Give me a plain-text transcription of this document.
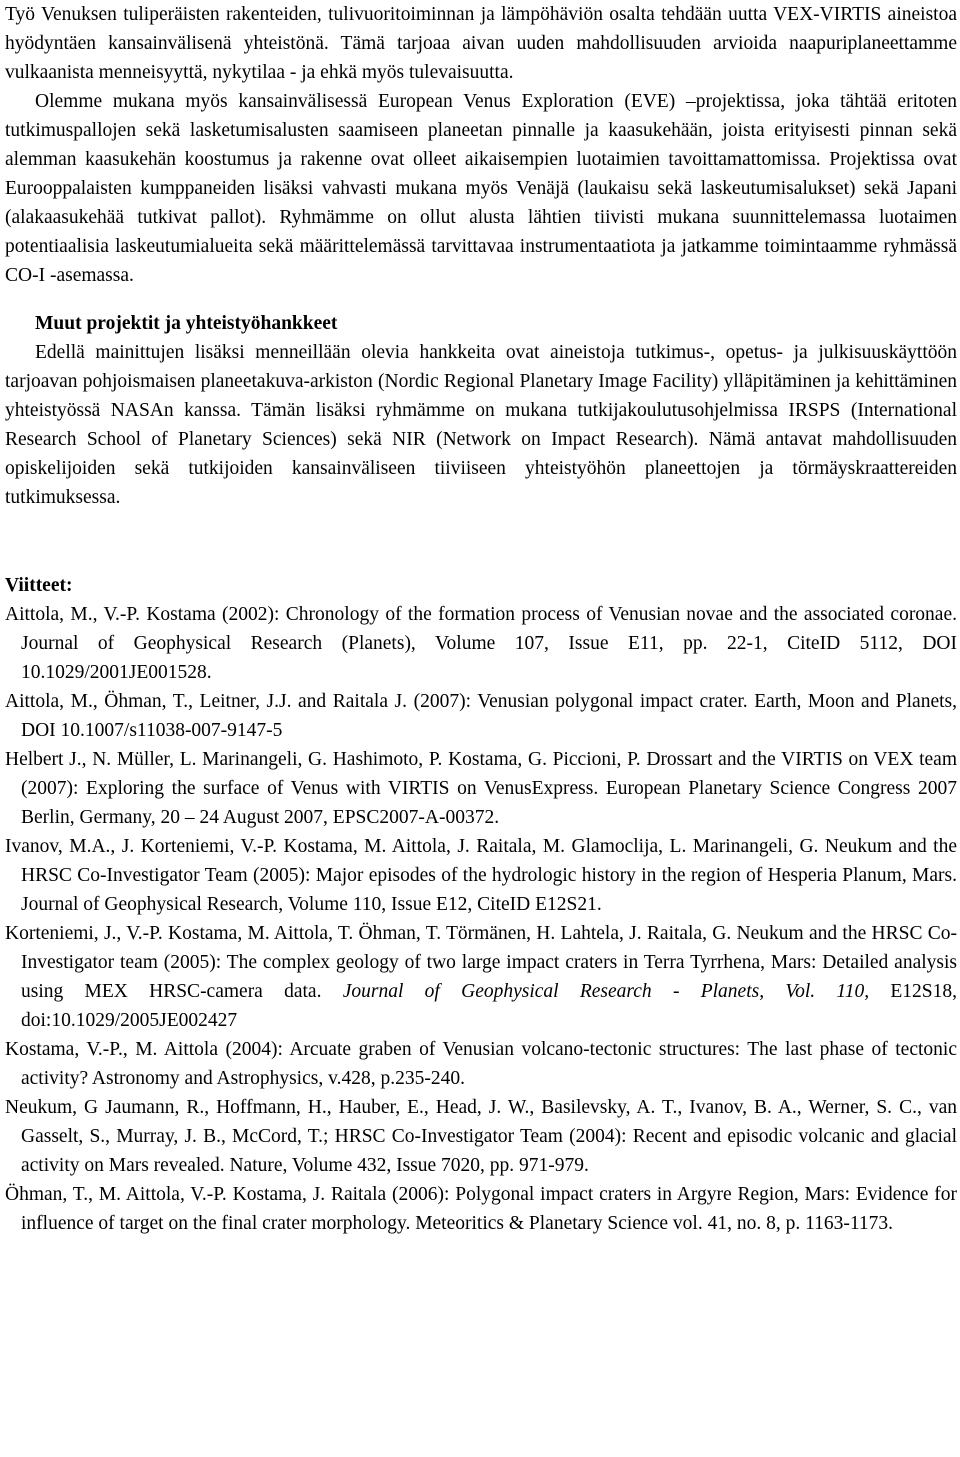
Työ Venuksen tuliperäisten rakenteiden, tulivuoritoiminnan ja lämpöhäviön osalta tehdään uutta VEX-VIRTIS aineistoa hyödyntäen kansainvälisenä yhteistönä. Tämä tarjoaa aivan uuden mahdollisuuden arvioida naapuriplaneettamme vulkaanista menneisyyttä, nykytilaa - ja ehkä myös tulevaisuutta.

Olemme mukana myös kansainvälisessä European Venus Exploration (EVE) –projektissa, joka tähtää eritoten tutkimuspallojen sekä lasketumisalusten saamiseen planeetan pinnalle ja kaasukehään, joista erityisesti pinnan sekä alemman kaasukehän koostumus ja rakenne ovat olleet aikaisempien luotaimien tavoittamattomissa. Projektissa ovat Eurooppalaisten kumppaneiden lisäksi vahvasti mukana myös Venäjä (laukaisu sekä laskeutumisalukset) sekä Japani (alakaasukehää tutkivat pallot). Ryhmämme on ollut alusta lähtien tiivisti mukana suunnittelemassa luotaimen potentiaalisia laskeutumialueita sekä määrittelemässä tarvittavaa instrumentaatiota ja jatkamme toimintaamme ryhmässä CO-I -asemassa.

Muut projektit ja yhteistyöhankkeet

Edellä mainittujen lisäksi menneillään olevia hankkeita ovat aineistoja tutkimus-, opetus- ja julkisuuskäyttöön tarjoavan pohjoismaisen planeetakuva-arkiston (Nordic Regional Planetary Image Facility) ylläpitäminen ja kehittäminen yhteistyössä NASAn kanssa. Tämän lisäksi ryhmämme on mukana tutkijakoulutusohjelmissa IRSPS (International Research School of Planetary Sciences) sekä NIR (Network on Impact Research). Nämä antavat mahdollisuuden opiskelijoiden sekä tutkijoiden kansainväliseen tiiviiseen yhteistyöhön planeettojen ja törmäyskraattereiden tutkimuksessa.

Viitteet:
Aittola, M., V.-P. Kostama (2002): Chronology of the formation process of Venusian novae and the associated coronae. Journal of Geophysical Research (Planets), Volume 107, Issue E11, pp. 22-1, CiteID 5112, DOI 10.1029/2001JE001528.
Aittola, M., Öhman, T., Leitner, J.J. and Raitala J. (2007): Venusian polygonal impact crater. Earth, Moon and Planets, DOI 10.1007/s11038-007-9147-5
Helbert J., N. Müller, L. Marinangeli, G. Hashimoto, P. Kostama, G. Piccioni, P. Drossart and the VIRTIS on VEX team (2007): Exploring the surface of Venus with VIRTIS on VenusExpress. European Planetary Science Congress 2007 Berlin, Germany, 20 – 24 August 2007, EPSC2007-A-00372.
Ivanov, M.A., J. Korteniemi, V.-P. Kostama, M. Aittola, J. Raitala, M. Glamoclija, L. Marinangeli, G. Neukum and the HRSC Co-Investigator Team (2005): Major episodes of the hydrologic history in the region of Hesperia Planum, Mars. Journal of Geophysical Research, Volume 110, Issue E12, CiteID E12S21.
Korteniemi, J., V.-P. Kostama, M. Aittola, T. Öhman, T. Törmänen, H. Lahtela, J. Raitala, G. Neukum and the HRSC Co-Investigator team (2005): The complex geology of two large impact craters in Terra Tyrrhena, Mars: Detailed analysis using MEX HRSC-camera data. Journal of Geophysical Research - Planets, Vol. 110, E12S18, doi:10.1029/2005JE002427
Kostama, V.-P., M. Aittola (2004): Arcuate graben of Venusian volcano-tectonic structures: The last phase of tectonic activity? Astronomy and Astrophysics, v.428, p.235-240.
Neukum, G Jaumann, R., Hoffmann, H., Hauber, E., Head, J. W., Basilevsky, A. T., Ivanov, B. A., Werner, S. C., van Gasselt, S., Murray, J. B., McCord, T.; HRSC Co-Investigator Team (2004): Recent and episodic volcanic and glacial activity on Mars revealed. Nature, Volume 432, Issue 7020, pp. 971-979.
Öhman, T., M. Aittola, V.-P. Kostama, J. Raitala (2006): Polygonal impact craters in Argyre Region, Mars: Evidence for influence of target on the final crater morphology. Meteoritics & Planetary Science vol. 41, no. 8, p. 1163-1173.
